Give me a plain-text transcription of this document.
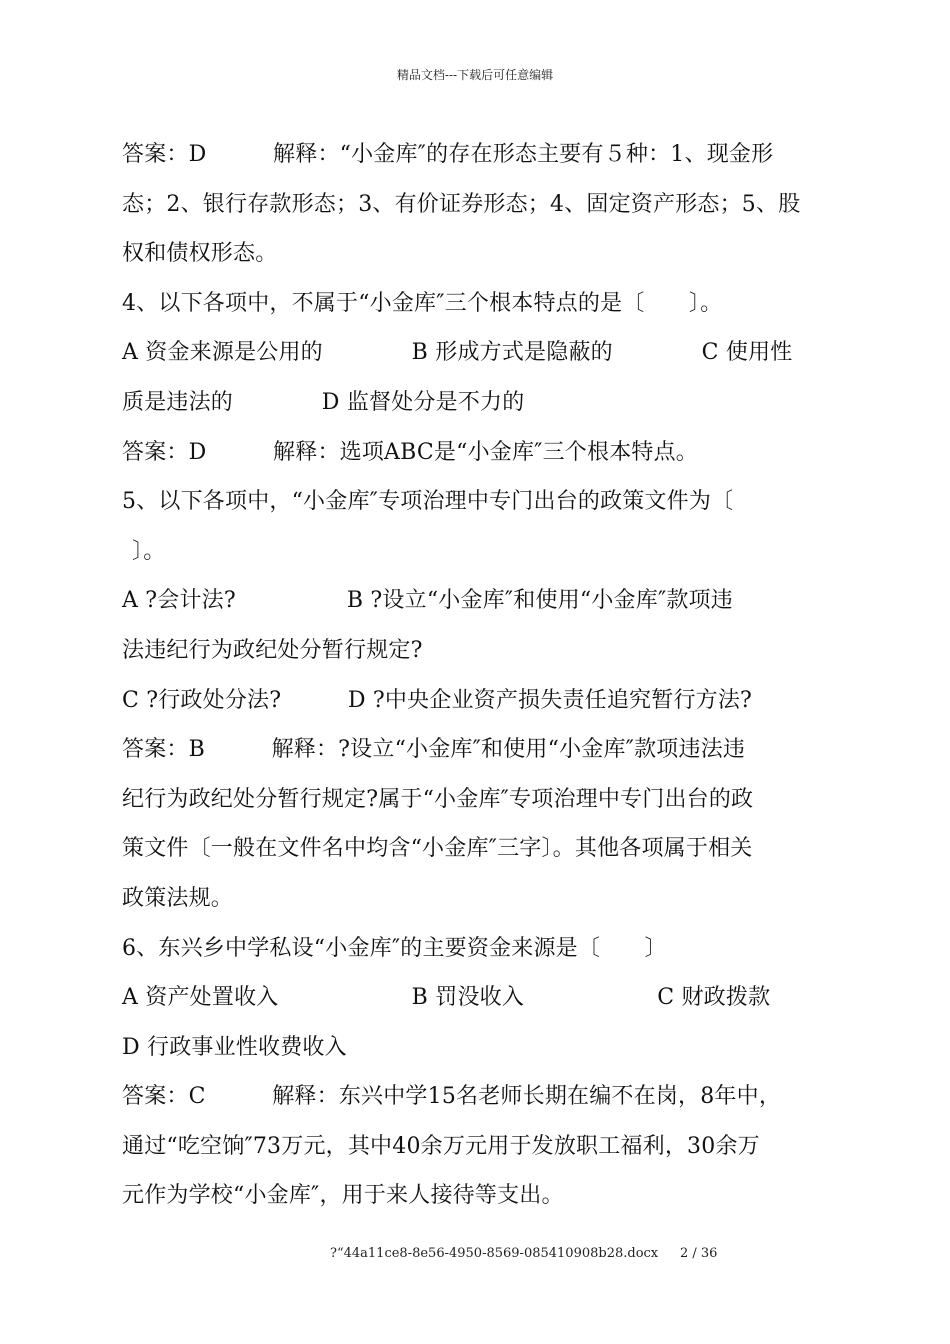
精品文档---下载后可任意编辑
答案：D　　　解释：“小金库″的存在形态主要有５种：1、现金形
态；2、银行存款形态；3、有价证券形态；4、固定资产形态；5、股
权和债权形态。
4、以下各项中，不属于“小金库″三个根本特点的是〔　　〕。
A 资金来源是公用的　　　　B 形成方式是隐蔽的　　　　C 使用性
质是违法的　　　　D 监督处分是不力的
答案：D　　　解释：选项ABC是“小金库″三个根本特点。
5、以下各项中，“小金库″专项治理中专门出台的政策文件为〔
〕。
A ?会计法?　　　　　B ?设立“小金库″和使用“小金库″款项违
法违纪行为政纪处分暂行规定?
C ?行政处分法?　　　D ?中央企业资产损失责任追究暂行方法?
答案：B　　　解释：?设立“小金库″和使用“小金库″款项违法违
纪行为政纪处分暂行规定?属于“小金库″专项治理中专门出台的政
策文件〔一般在文件名中均含“小金库″三字〕。其他各项属于相关
政策法规。
6、东兴乡中学私设“小金库″的主要资金来源是〔　　〕
A 资产处置收入　　　　　　B 罚没收入　　　　　　C 财政拨款
D 行政事业性收费收入
答案：C　　　解释：东兴中学15名老师长期在编不在岗，8年中，
通过“吃空饷″73万元，其中40余万元用于发放职工福利，30余万
元作为学校“小金库″，用于来人接待等支出。
?“44a11ce8-8e56-4950-8569-085410908b28.docx 2 / 36
